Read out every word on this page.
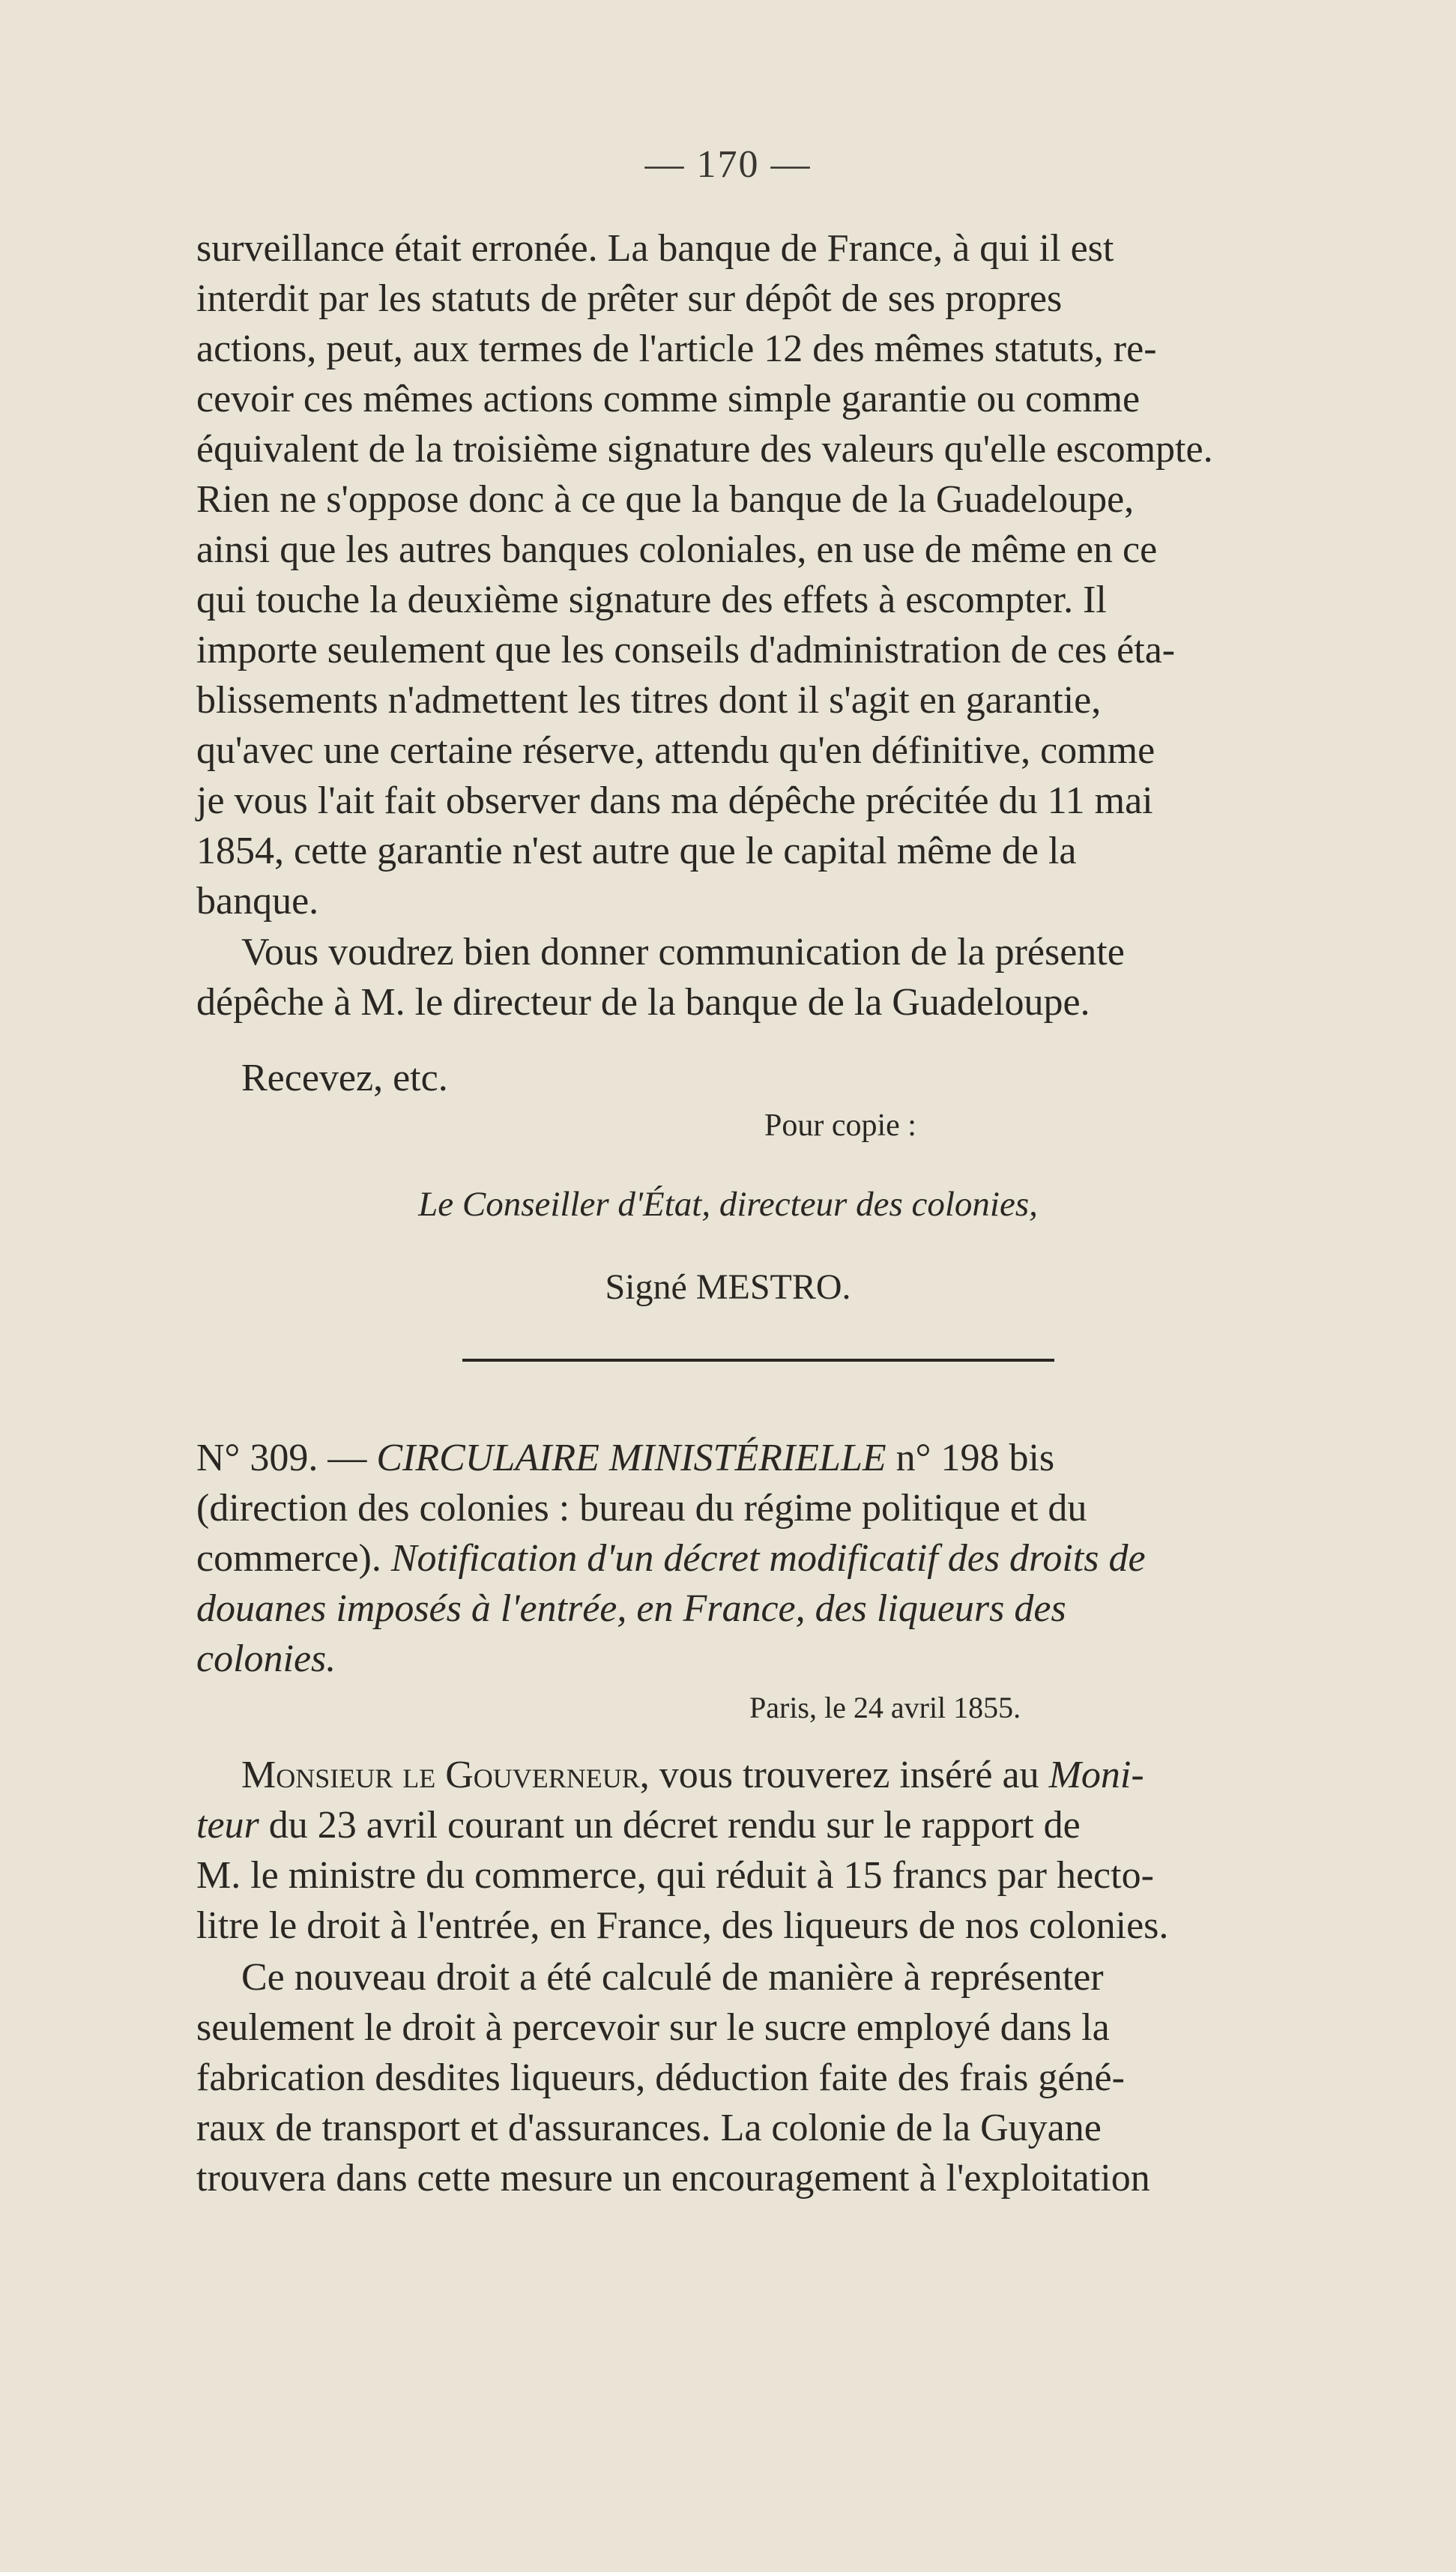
— 170 —

surveillance était erronée. La banque de France, à qui il est

interdit par les statuts de prêter sur dépôt de ses propres

actions, peut, aux termes de l'article 12 des mêmes statuts, re-

cevoir ces mêmes actions comme simple garantie ou comme

équivalent de la troisième signature des valeurs qu'elle escompte.

Rien ne s'oppose donc à ce que la banque de la Guadeloupe,

ainsi que les autres banques coloniales, en use de même en ce

qui touche la deuxième signature des effets à escompter. Il

importe seulement que les conseils d'administration de ces éta-

blissements n'admettent les titres dont il s'agit en garantie,

qu'avec une certaine réserve, attendu qu'en définitive, comme

je vous l'ait fait observer dans ma dépêche précitée du 11 mai

1854, cette garantie n'est autre que le capital même de la

banque.

Vous voudrez bien donner communication de la présente

dépêche à M. le directeur de la banque de la Guadeloupe.

Recevez, etc.

Pour copie :
Le Conseiller d'État, directeur des colonies,
Signé MESTRO.

N° 309. — CIRCULAIRE MINISTÉRIELLE n° 198 bis

(direction des colonies : bureau du régime politique et du

commerce). Notification d'un décret modificatif des droits de

douanes imposés à l'entrée, en France, des liqueurs des

colonies.

Paris, le 24 avril 1855.

Monsieur le Gouverneur, vous trouverez inséré au Moni-

teur du 23 avril courant un décret rendu sur le rapport de

M. le ministre du commerce, qui réduit à 15 francs par hecto-

litre le droit à l'entrée, en France, des liqueurs de nos colonies.

Ce nouveau droit a été calculé de manière à représenter

seulement le droit à percevoir sur le sucre employé dans la

fabrication desdites liqueurs, déduction faite des frais géné-

raux de transport et d'assurances. La colonie de la Guyane

trouvera dans cette mesure un encouragement à l'exploitation
